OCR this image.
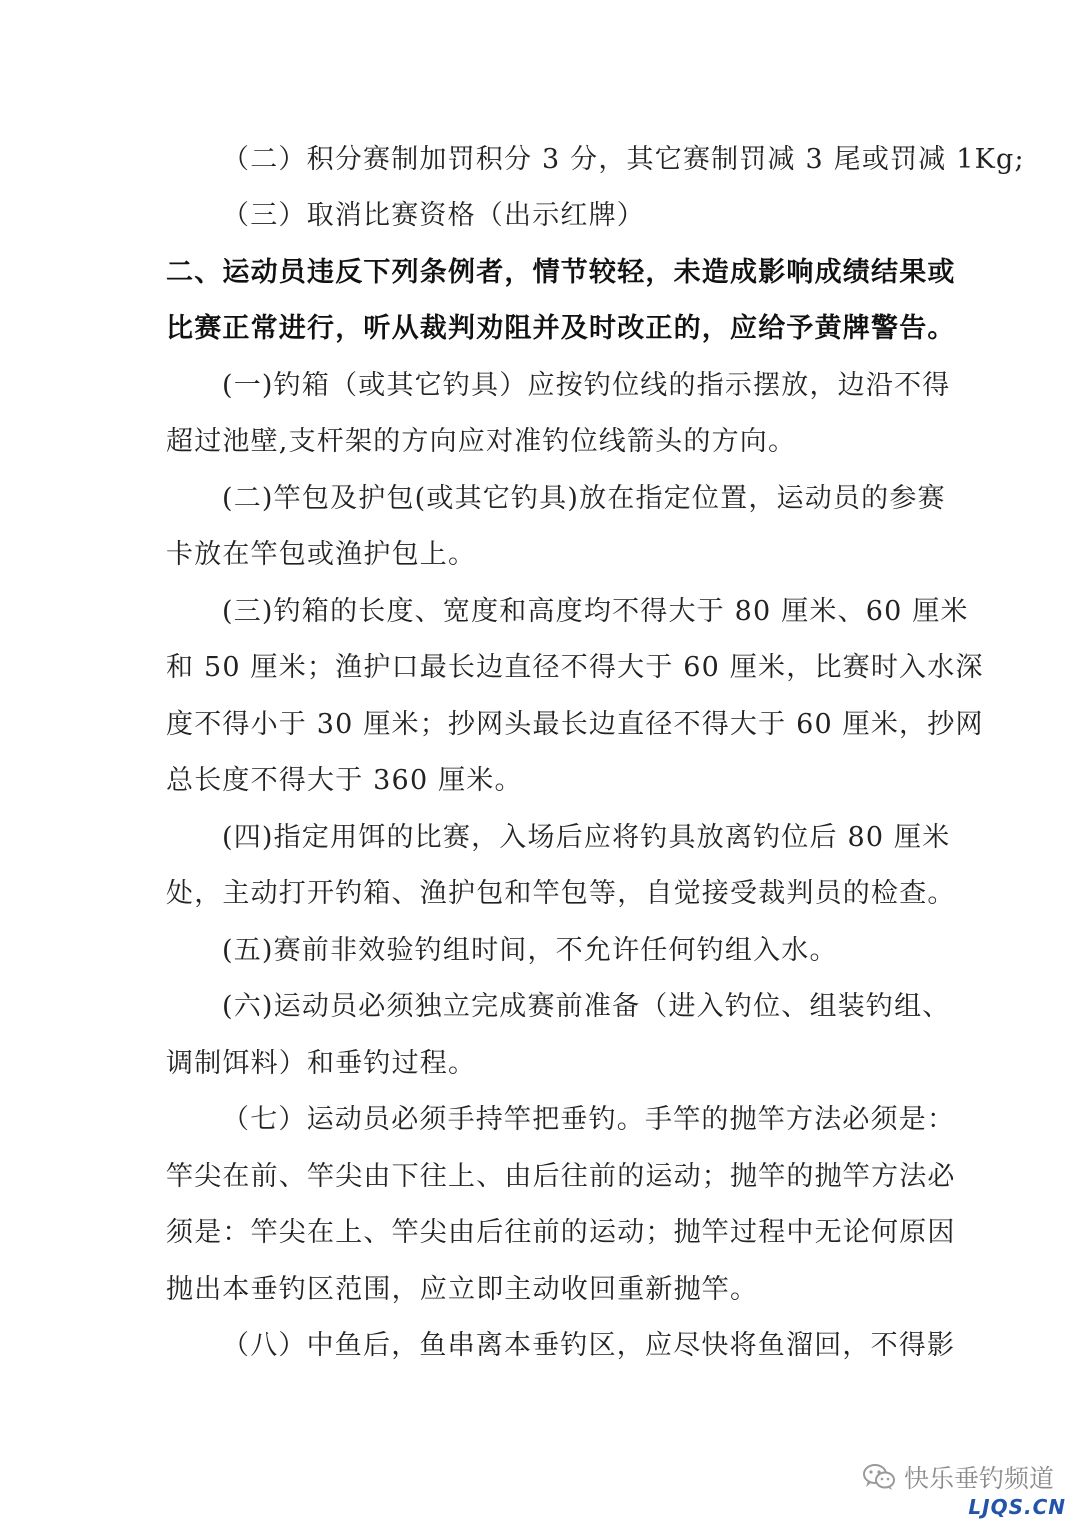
（二）积分赛制加罚积分 3 分，其它赛制罚减 3 尾或罚减 1Kg;
（三）取消比赛资格（出示红牌）
二、运动员违反下列条例者，情节较轻，未造成影响成绩结果或
比赛正常进行，听从裁判劝阻并及时改正的，应给予黄牌警告。
(一)钓箱（或其它钓具）应按钓位线的指示摆放，边沿不得
超过池壁,支杆架的方向应对准钓位线箭头的方向。
(二)竿包及护包(或其它钓具)放在指定位置，运动员的参赛
卡放在竿包或渔护包上。
(三)钓箱的长度、宽度和高度均不得大于 80 厘米、60 厘米
和 50 厘米；渔护口最长边直径不得大于 60 厘米，比赛时入水深
度不得小于 30 厘米；抄网头最长边直径不得大于 60 厘米，抄网
总长度不得大于 360 厘米。
(四)指定用饵的比赛，入场后应将钓具放离钓位后 80 厘米
处，主动打开钓箱、渔护包和竿包等，自觉接受裁判员的检查。
(五)赛前非效验钓组时间，不允许任何钓组入水。
(六)运动员必须独立完成赛前准备（进入钓位、组装钓组、
调制饵料）和垂钓过程。
（七）运动员必须手持竿把垂钓。手竿的抛竿方法必须是：
竿尖在前、竿尖由下往上、由后往前的运动；抛竿的抛竿方法必
须是：竿尖在上、竿尖由后往前的运动；抛竿过程中无论何原因
抛出本垂钓区范围，应立即主动收回重新抛竿。
（八）中鱼后，鱼串离本垂钓区，应尽快将鱼溜回，不得影
快乐垂钓频道
LJQS.CN
